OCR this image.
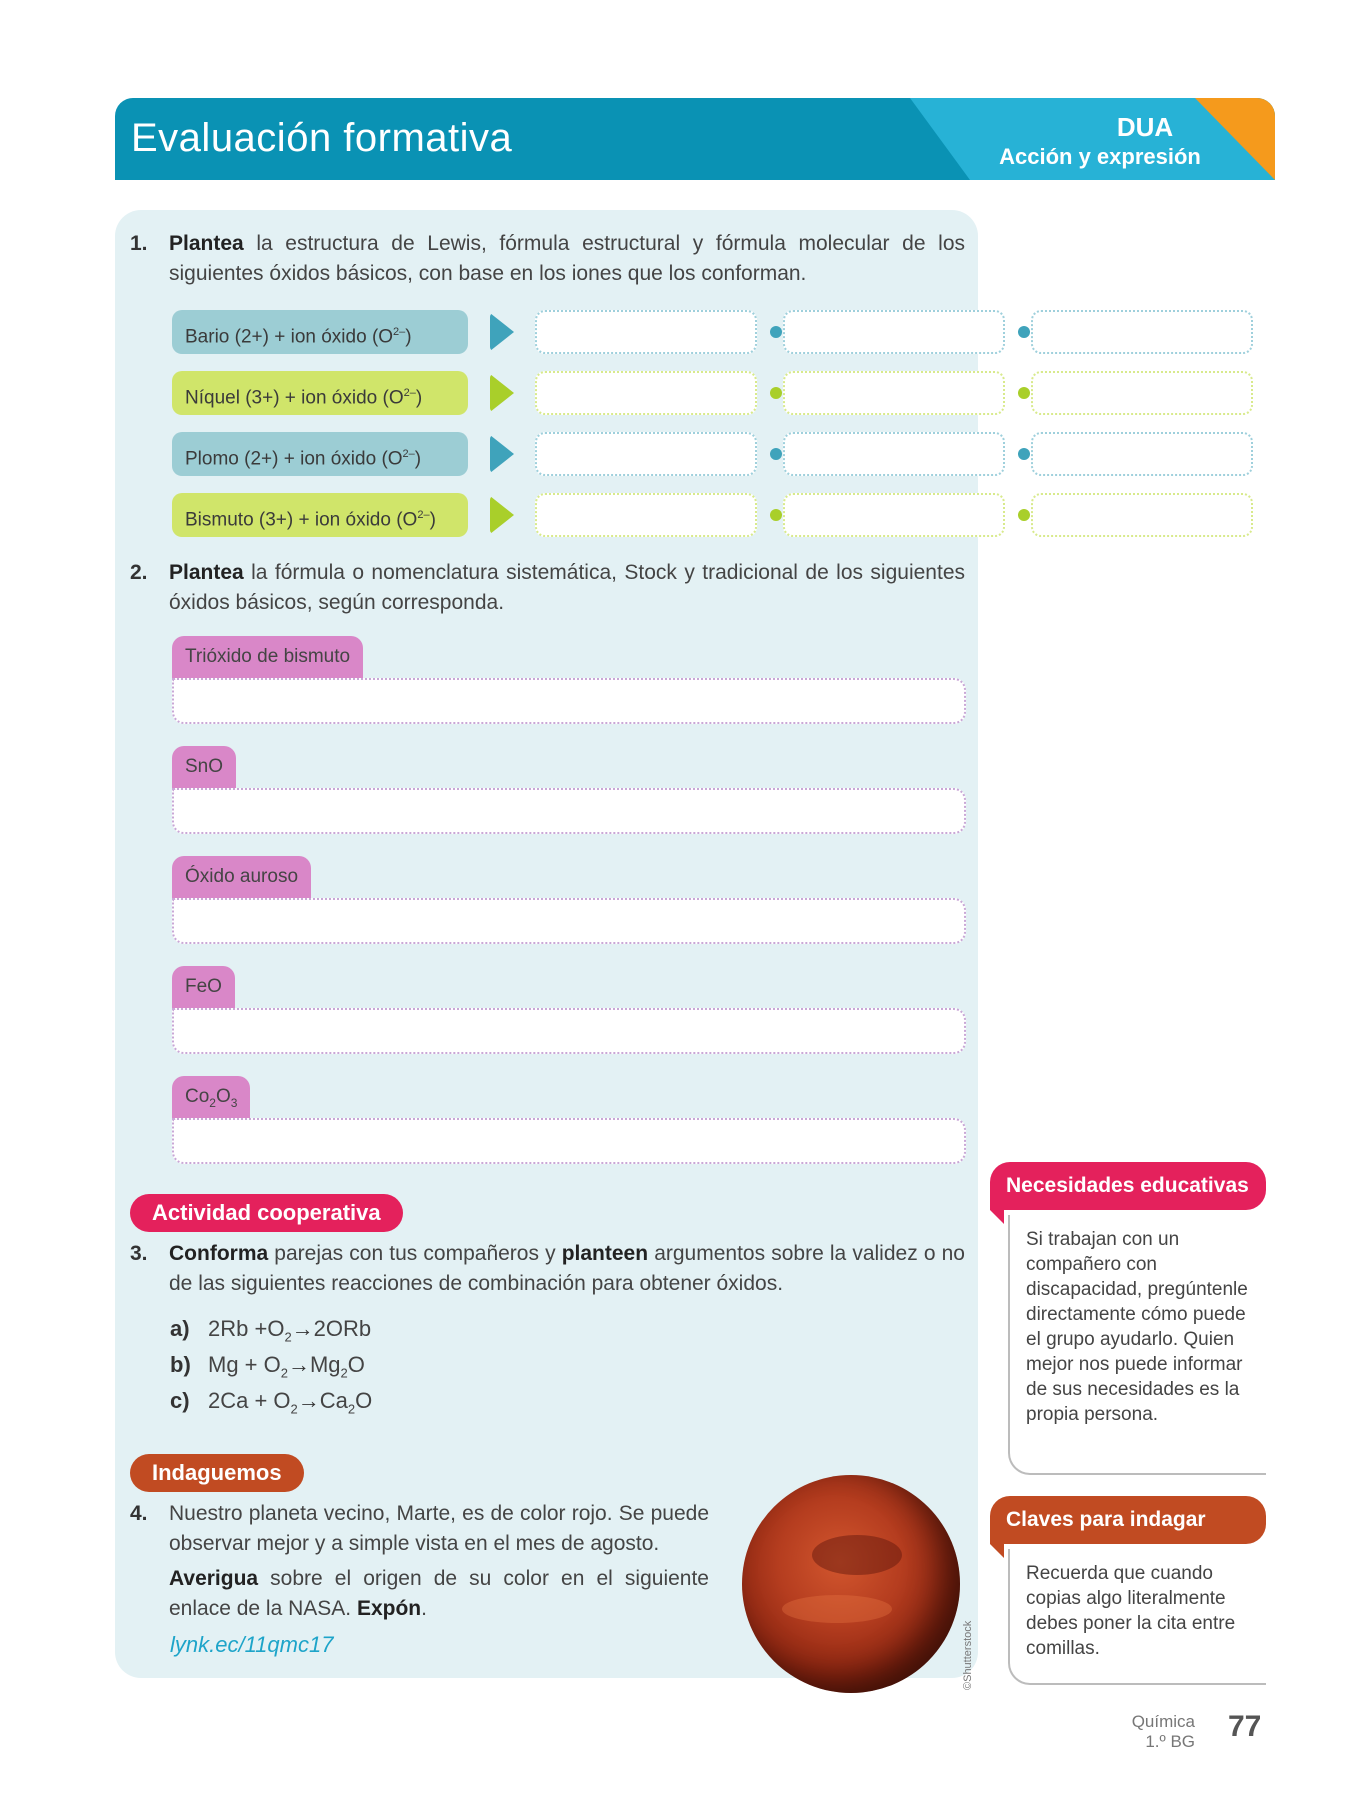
Evaluación formativa	DUA
Acción y expresión
1. Plantea la estructura de Lewis, fórmula estructural y fórmula molecular de los siguientes óxidos básicos, con base en los iones que los conforman.
Bario (2+) + ion óxido $(O^{2-})$
Níquel (3+) + ion óxido $(O^{2-})$
Plomo (2+) + ion óxido $(O^{2-})$
Bismuto (3+) + ion óxido $(O^{2-})$
2. Plantea la fórmula o nomenclatura sistemática, Stock y tradicional de los siguientes óxidos básicos, según corresponda.
Trióxido de bismuto
SnO
Óxido auroso
FeO
$Co_2O_3$
Actividad cooperativa
3. Conforma parejas con tus compañeros y planteen argumentos sobre la validez o no de las siguientes reacciones de combinación para obtener óxidos.
a) $2Rb +O_2\to 2ORb$
b) $Mg + O_2\to Mg_2O$
c) $2Ca + O_2\to Ca_2O$
Indaguemos
4. Nuestro planeta vecino, Marte, es de color rojo. Se puede observar mejor y a simple vista en el mes de agosto.
Averigua sobre el origen de su color en el siguiente enlace de la NASA. Expón.
lynk.ec/11qmc17	©Shutterstock
Necesidades educativas
Si trabajan con un compañero con discapacidad, pregúntenle directamente cómo puede el grupo ayudarlo. Quien mejor nos puede informar de sus necesidades es la propia persona.
Claves para indagar
Recuerda que cuando copias algo literalmente debes poner la cita entre comillas.
Química
1.º BG 77
